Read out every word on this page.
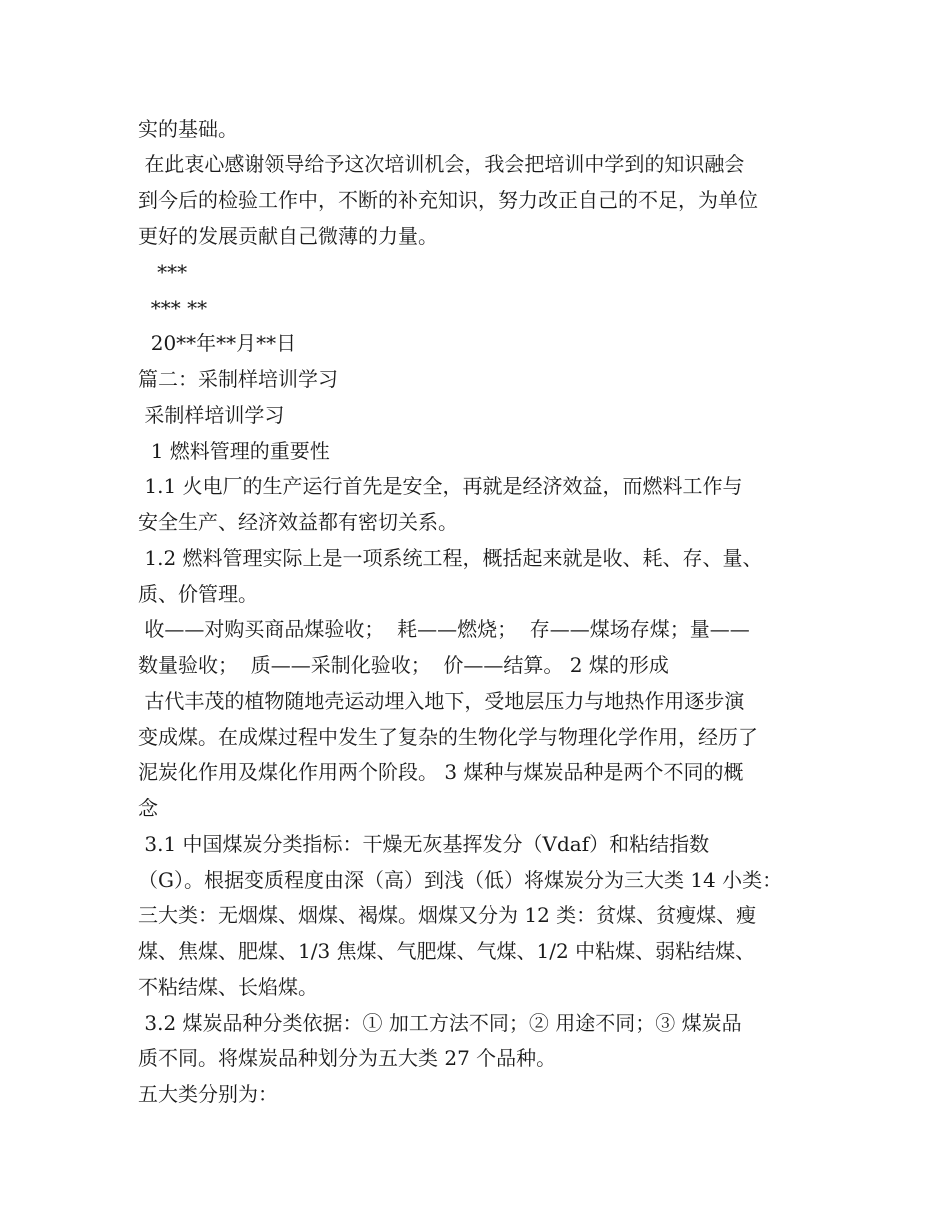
实的基础。
在此衷心感谢领导给予这次培训机会，我会把培训中学到的知识融会
到今后的检验工作中，不断的补充知识，努力改正自己的不足，为单位
更好的发展贡献自己微薄的力量。
***
*** **
20**年**月**日
篇二：采制样培训学习
采制样培训学习
1 燃料管理的重要性
1.1 火电厂的生产运行首先是安全，再就是经济效益，而燃料工作与
安全生产、经济效益都有密切关系。
1.2 燃料管理实际上是一项系统工程，概括起来就是收、耗、存、量、
质、价管理。
收——对购买商品煤验收；  耗——燃烧；  存——煤场存煤；量——
数量验收；  质——采制化验收；  价——结算。 2 煤的形成
古代丰茂的植物随地壳运动埋入地下，受地层压力与地热作用逐步演
变成煤。在成煤过程中发生了复杂的生物化学与物理化学作用，经历了
泥炭化作用及煤化作用两个阶段。 3 煤种与煤炭品种是两个不同的概
念
3.1 中国煤炭分类指标：干燥无灰基挥发分（Vdaf）和粘结指数
（G）。根据变质程度由深（高）到浅（低）将煤炭分为三大类 14 小类：
三大类：无烟煤、烟煤、褐煤。烟煤又分为 12 类：贫煤、贫瘦煤、瘦
煤、焦煤、肥煤、1/3 焦煤、气肥煤、气煤、1/2 中粘煤、弱粘结煤、
不粘结煤、长焰煤。
3.2 煤炭品种分类依据：① 加工方法不同；② 用途不同；③ 煤炭品
质不同。将煤炭品种划分为五大类 27 个品种。
五大类分别为：
